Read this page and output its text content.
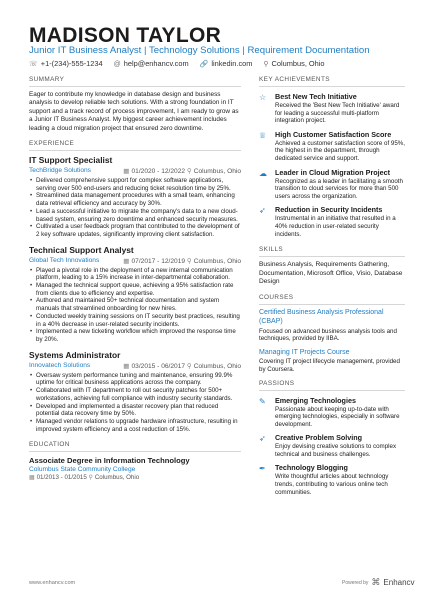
MADISON TAYLOR
Junior IT Business Analyst | Technology Solutions | Requirement Documentation
☏ +1-(234)-555-1234 @ help@enhancv.com 🔗 linkedin.com ⚲ Columbus, Ohio
SUMMARY
Eager to contribute my knowledge in database design and business analysis to develop reliable tech solutions. With a strong foundation in IT support and a track record of process improvement, I am ready to grow as a Junior IT Business Analyst. My biggest career achievement includes leading a cloud migration project that ensured zero downtime.
EXPERIENCE
IT Support Specialist
TechBridge Solutions	▦ 01/2020 - 12/2022 ⚲ Columbus, Ohio
• Delivered comprehensive support for complex software applications, serving over 500 end-users and reducing ticket resolution time by 25%.
• Streamlined data management procedures with a small team, enhancing data retrieval efficiency and accuracy by 30%.
• Lead a successful initiative to migrate the company's data to a new cloud-based system, ensuring zero downtime and enhanced security measures.
• Cultivated a user feedback program that contributed to the development of 2 key software updates, significantly improving client satisfaction.
Technical Support Analyst
Global Tech Innovations	▦ 07/2017 - 12/2019 ⚲ Columbus, Ohio
• Played a pivotal role in the deployment of a new internal communication platform, leading to a 15% increase in inter-departmental collaboration.
• Managed the technical support queue, achieving a 95% satisfaction rate from clients due to efficiency and expertise.
• Authored and maintained 50+ technical documentation and system manuals that streamlined onboarding for new hires.
• Conducted weekly training sessions on IT security best practices, resulting in a 40% decrease in user-related security incidents.
• Implemented a new ticketing workflow which improved the response time by 20%.
Systems Administrator
Innovatech Solutions	▦ 03/2015 - 06/2017 ⚲ Columbus, Ohio
• Oversaw system performance tuning and maintenance, ensuring 99.9% uptime for critical business applications across the company.
• Collaborated with IT department to roll out security patches for 500+ workstations, achieving full compliance with industry security standards.
• Developed and implemented a disaster recovery plan that reduced potential data recovery time by 50%.
• Managed vendor relations to upgrade hardware infrastructure, resulting in improved system efficiency and a cost reduction of 15%.
EDUCATION
Associate Degree in Information Technology
Columbus State Community College
▦ 01/2013 - 01/2015 ⚲ Columbus, Ohio
KEY ACHIEVEMENTS
☆	Best New Tech Initiative
Received the 'Best New Tech Initiative' award for leading a successful multi-platform integration project.
♕	High Customer Satisfaction Score
Achieved a customer satisfaction score of 95%, the highest in the department, through dedicated service and support.
☁	Leader in Cloud Migration Project
Recognized as a leader in facilitating a smooth transition to cloud services for more than 500 users across the organization.
➶	Reduction in Security Incidents
Instrumental in an initiative that resulted in a 40% reduction in user-related security incidents.
SKILLS
Business Analysis, Requirements Gathering, Documentation, Microsoft Office, Visio, Database Design
COURSES
Certified Business Analysis Professional (CBAP)
Focused on advanced business analysis tools and techniques, provided by IIBA.
Managing IT Projects Course
Covering IT project lifecycle management, provided by Coursera.
PASSIONS
✎	Emerging Technologies
Passionate about keeping up-to-date with emerging technologies, especially in software development.
➶	Creative Problem Solving
Enjoy devising creative solutions to complex technical and business challenges.
✒	Technology Blogging
Write thoughtful articles about technology trends, contributing to various online tech communities.
www.enhancv.com	Powered by ⌘ Enhancv
